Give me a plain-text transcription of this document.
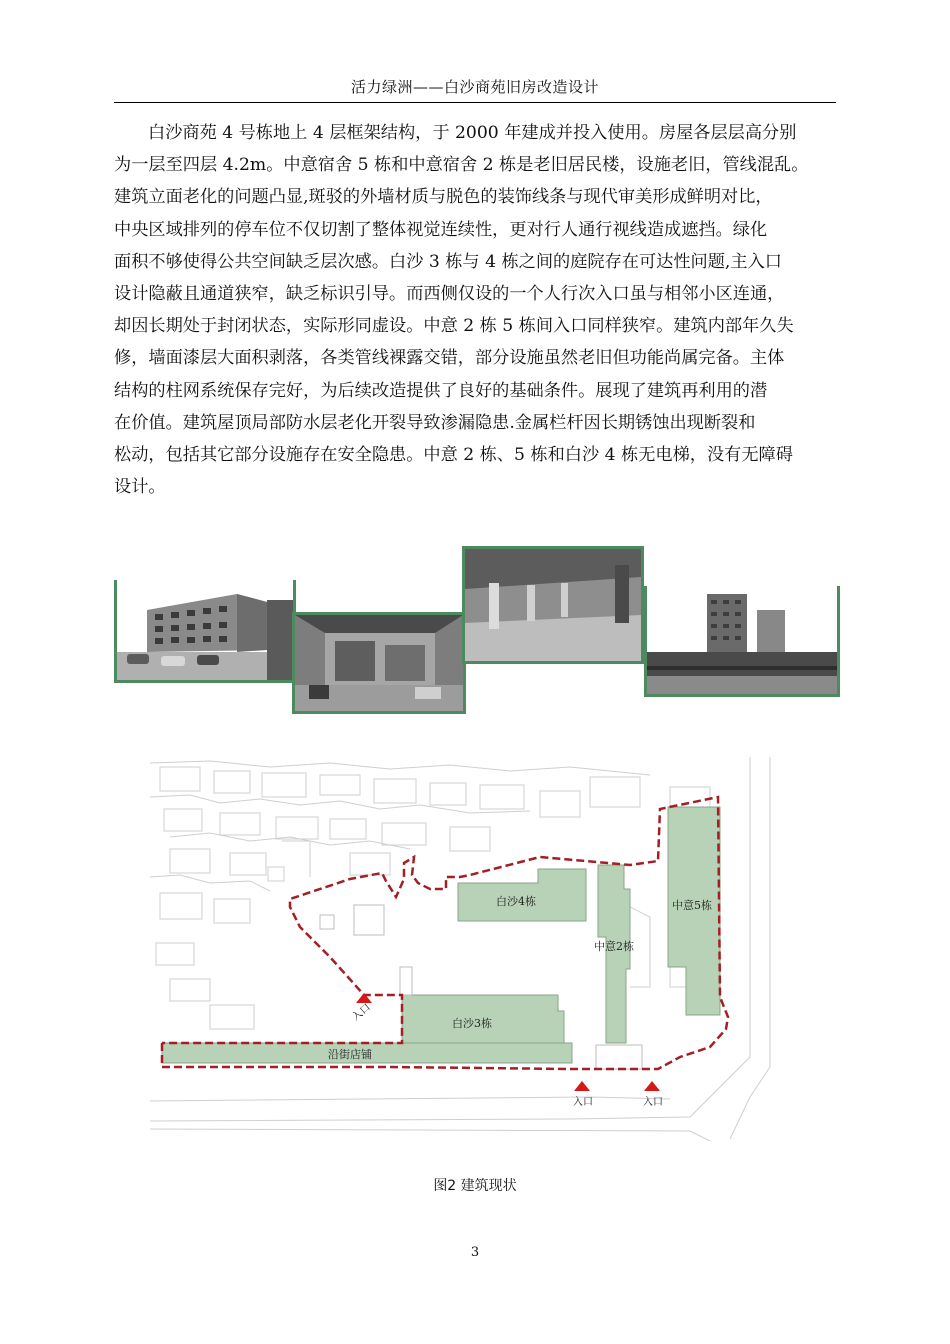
活力绿洲——白沙商苑旧房改造设计
白沙商苑 4 号栋地上 4 层框架结构，于 2000 年建成并投入使用。房屋各层层高分别
为一层至四层 4.2m。中意宿舍 5 栋和中意宿舍 2 栋是老旧居民楼，设施老旧，管线混乱。
建筑立面老化的问题凸显,斑驳的外墙材质与脱色的装饰线条与现代审美形成鲜明对比，
中央区域排列的停车位不仅切割了整体视觉连续性，更对行人通行视线造成遮挡。绿化
面积不够使得公共空间缺乏层次感。白沙 3 栋与 4 栋之间的庭院存在可达性问题,主入口
设计隐蔽且通道狭窄，缺乏标识引导。而西侧仅设的一个人行次入口虽与相邻小区连通，
却因长期处于封闭状态，实际形同虚设。中意 2 栋 5 栋间入口同样狭窄。建筑内部年久失
修，墙面漆层大面积剥落，各类管线裸露交错，部分设施虽然老旧但功能尚属完备。主体
结构的柱网系统保存完好，为后续改造提供了良好的基础条件。展现了建筑再利用的潜
在价值。建筑屋顶局部防水层老化开裂导致渗漏隐患.金属栏杆因长期锈蚀出现断裂和
松动，包括其它部分设施存在安全隐患。中意 2 栋、5 栋和白沙 4 栋无电梯，没有无障碍
设计。
白沙4栋
中意2栋
中意5栋
白沙3栋
沿街店铺
入口
入口	入口
图2 建筑现状
3
